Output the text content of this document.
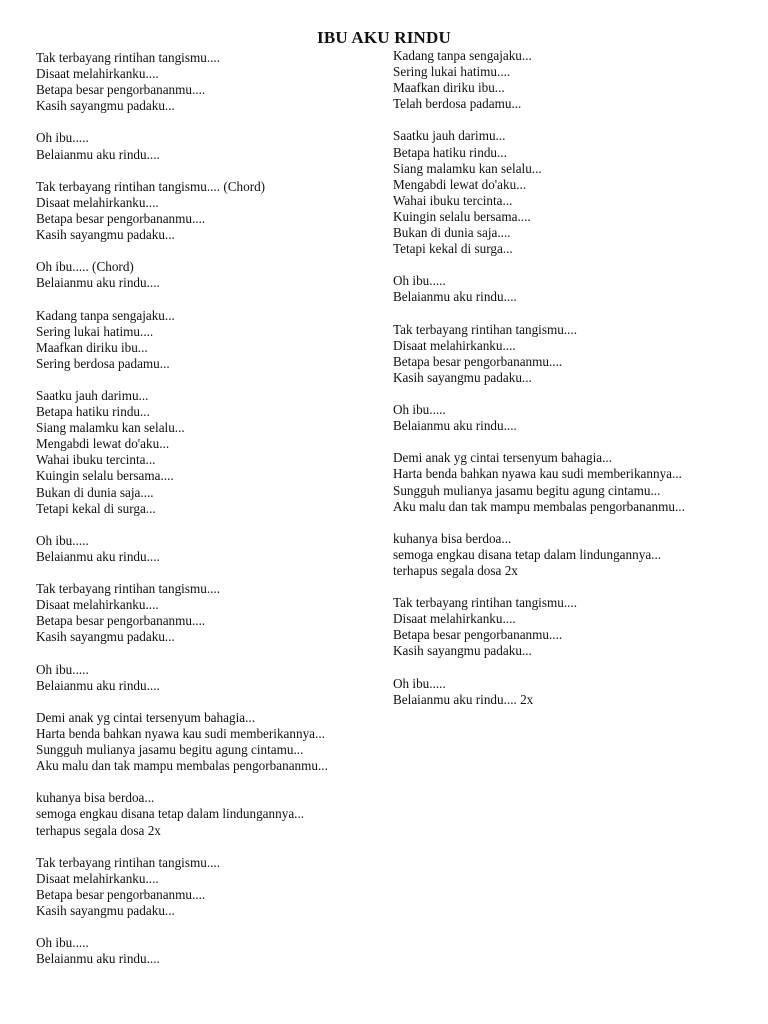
IBU AKU RINDU
Tak terbayang rintihan tangismu....
Disaat melahirkanku....
Betapa besar pengorbananmu....
Kasih sayangmu padaku...
Oh ibu.....
Belaianmu aku rindu....
Tak terbayang rintihan tangismu.... (Chord)
Disaat melahirkanku....
Betapa besar pengorbananmu....
Kasih sayangmu padaku...
Oh ibu..... (Chord)
Belaianmu aku rindu....
Kadang tanpa sengajaku...
Sering lukai hatimu....
Maafkan diriku ibu...
Sering berdosa padamu...
Saatku jauh darimu...
Betapa hatiku rindu...
Siang malamku kan selalu...
Mengabdi lewat do'aku...
Wahai ibuku tercinta...
Kuingin selalu bersama....
Bukan di dunia saja....
Tetapi kekal di surga...
Oh ibu.....
Belaianmu aku rindu....
Tak terbayang rintihan tangismu....
Disaat melahirkanku....
Betapa besar pengorbananmu....
Kasih sayangmu padaku...
Oh ibu.....
Belaianmu aku rindu....
Demi anak yg cintai tersenyum bahagia...
Harta benda bahkan nyawa kau sudi memberikannya...
Sungguh mulianya jasamu begitu agung cintamu...
Aku malu dan tak mampu membalas pengorbananmu...
kuhanya bisa berdoa...
semoga engkau disana tetap dalam lindungannya...
terhapus segala dosa 2x
Tak terbayang rintihan tangismu....
Disaat melahirkanku....
Betapa besar pengorbananmu....
Kasih sayangmu padaku...
Oh ibu.....
Belaianmu aku rindu....
Kadang tanpa sengajaku...
Sering lukai hatimu....
Maafkan diriku ibu...
Telah berdosa padamu...
Saatku jauh darimu...
Betapa hatiku rindu...
Siang malamku kan selalu...
Mengabdi lewat do'aku...
Wahai ibuku tercinta...
Kuingin selalu bersama....
Bukan di dunia saja....
Tetapi kekal di surga...
Oh ibu.....
Belaianmu aku rindu....
Tak terbayang rintihan tangismu....
Disaat melahirkanku....
Betapa besar pengorbananmu....
Kasih sayangmu padaku...
Oh ibu.....
Belaianmu aku rindu....
Demi anak yg cintai tersenyum bahagia...
Harta benda bahkan nyawa kau sudi memberikannya...
Sungguh mulianya jasamu begitu agung cintamu...
Aku malu dan tak mampu membalas pengorbananmu...
kuhanya bisa berdoa...
semoga engkau disana tetap dalam lindungannya...
terhapus segala dosa 2x
Tak terbayang rintihan tangismu....
Disaat melahirkanku....
Betapa besar pengorbananmu....
Kasih sayangmu padaku...
Oh ibu.....
Belaianmu aku rindu.... 2x
